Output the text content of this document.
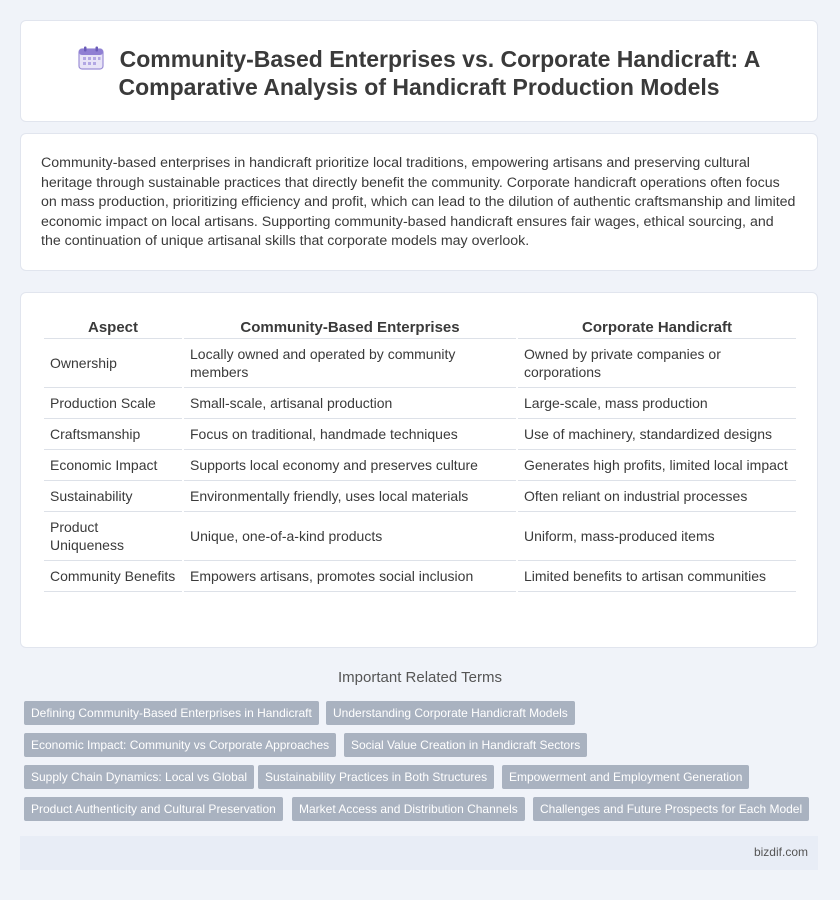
Community-Based Enterprises vs. Corporate Handicraft: A Comparative Analysis of Handicraft Production Models

Community-based enterprises in handicraft prioritize local traditions, empowering artisans and preserving cultural heritage through sustainable practices that directly benefit the community. Corporate handicraft operations often focus on mass production, prioritizing efficiency and profit, which can lead to the dilution of authentic craftsmanship and limited economic impact on local artisans. Supporting community-based handicraft ensures fair wages, ethical sourcing, and the continuation of unique artisanal skills that corporate models may overlook.

Aspect	Community-Based Enterprises	Corporate Handicraft
Ownership	Locally owned and operated by community members	Owned by private companies or corporations
Production Scale	Small-scale, artisanal production	Large-scale, mass production
Craftsmanship	Focus on traditional, handmade techniques	Use of machinery, standardized designs
Economic Impact	Supports local economy and preserves culture	Generates high profits, limited local impact
Sustainability	Environmentally friendly, uses local materials	Often reliant on industrial processes
Product Uniqueness	Unique, one-of-a-kind products	Uniform, mass-produced items
Community Benefits	Empowers artisans, promotes social inclusion	Limited benefits to artisan communities
Important Related Terms
Defining Community-Based Enterprises in Handicraft	Understanding Corporate Handicraft Models
Economic Impact: Community vs Corporate Approaches	Social Value Creation in Handicraft Sectors
Supply Chain Dynamics: Local vs Global	Sustainability Practices in Both Structures	Empowerment and Employment Generation
Product Authenticity and Cultural Preservation	Market Access and Distribution Channels	Challenges and Future Prospects for Each Model
bizdif.com
